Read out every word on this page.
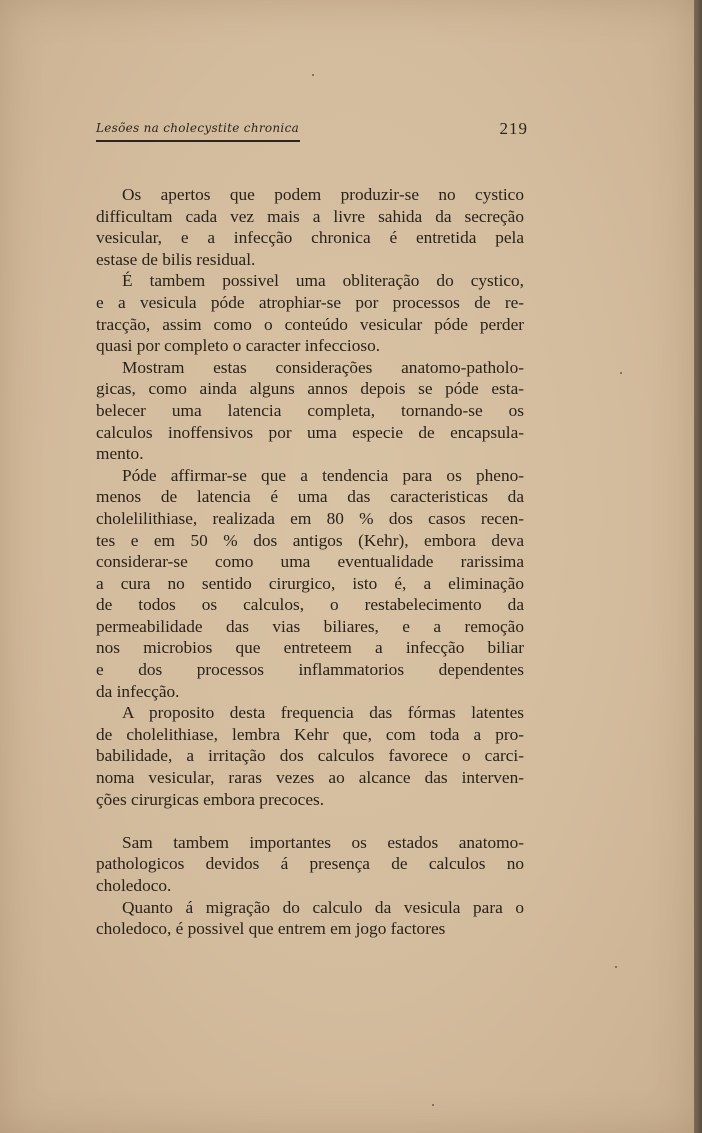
Lesões na cholecystite chronica	219
Os apertos que podem produzir-se no cystico
difficultam cada vez mais a livre sahida da secreção
vesicular, e a infecção chronica é entretida pela
estase de bilis residual.
É tambem possivel uma obliteração do cystico,
e a vesicula póde atrophiar-se por processos de re-
tracção, assim como o conteúdo vesicular póde perder
quasi por completo o caracter infeccioso.
Mostram estas considerações anatomo-patholo-
gicas, como ainda alguns annos depois se póde esta-
belecer uma latencia completa, tornando-se os
calculos inoffensivos por uma especie de encapsula-
mento.
Póde affirmar-se que a tendencia para os pheno-
menos de latencia é uma das caracteristicas da
cholelilithiase, realizada em 80 % dos casos recen-
tes e em 50 % dos antigos (Kehr), embora deva
considerar-se como uma eventualidade rarissima
a cura no sentido cirurgico, isto é, a eliminação
de todos os calculos, o restabelecimento da
permeabilidade das vias biliares, e a remoção
nos microbios que entreteem a infecção biliar
e dos processos inflammatorios dependentes
da infecção.
A proposito desta frequencia das fórmas latentes
de cholelithiase, lembra Kehr que, com toda a pro-
babilidade, a irritação dos calculos favorece o carci-
noma vesicular, raras vezes ao alcance das interven-
ções cirurgicas embora precoces.
Sam tambem importantes os estados anatomo-
pathologicos devidos á presença de calculos no
choledoco.
Quanto á migração do calculo da vesicula para o
choledoco, é possivel que entrem em jogo factores
